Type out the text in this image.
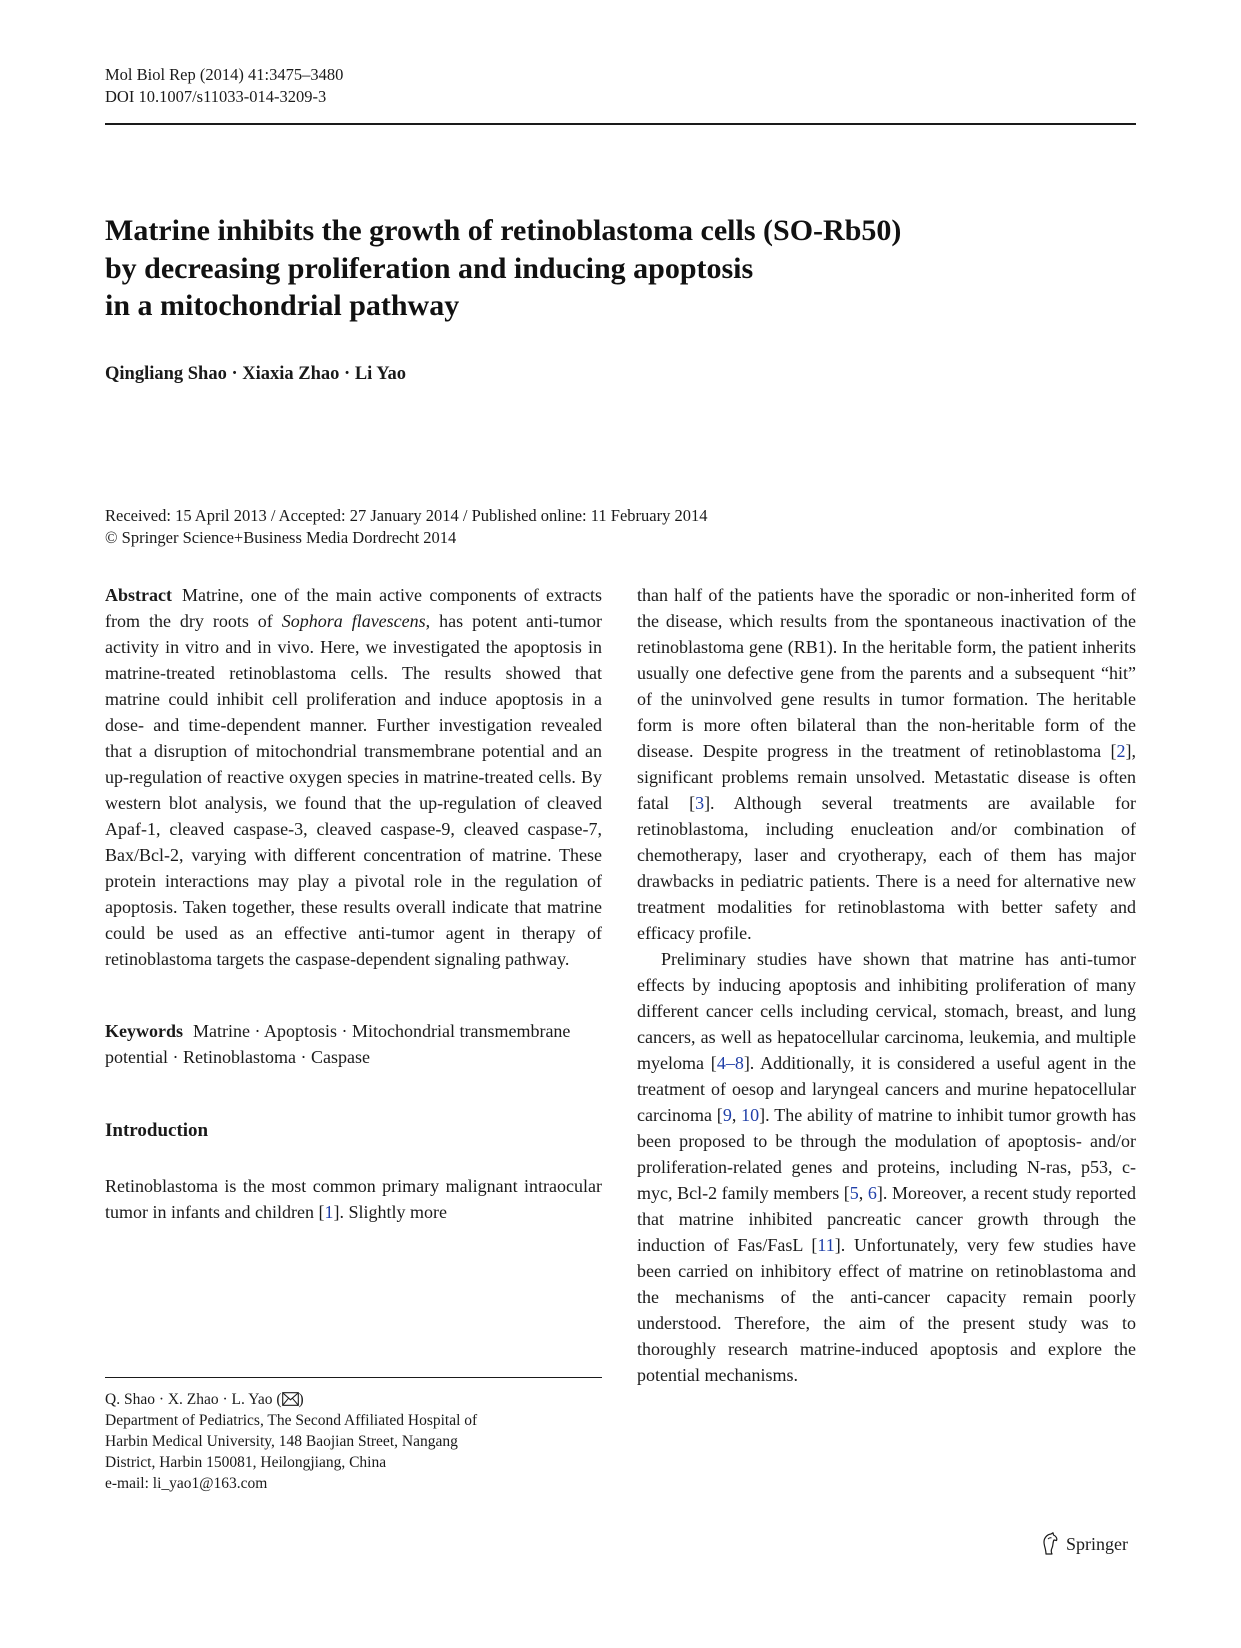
Mol Biol Rep (2014) 41:3475–3480
DOI 10.1007/s11033-014-3209-3
Matrine inhibits the growth of retinoblastoma cells (SO-Rb50)
by decreasing proliferation and inducing apoptosis
in a mitochondrial pathway
Qingliang Shao · Xiaxia Zhao · Li Yao
Received: 15 April 2013 / Accepted: 27 January 2014 / Published online: 11 February 2014
© Springer Science+Business Media Dordrecht 2014

Abstract Matrine, one of the main active components of extracts from the dry roots of Sophora flavescens, has potent anti-tumor activity in vitro and in vivo. Here, we investigated the apoptosis in matrine-treated retinoblastoma cells. The results showed that matrine could inhibit cell proliferation and induce apoptosis in a dose- and time-dependent manner. Further investigation revealed that a disruption of mitochondrial transmembrane potential and an up-regulation of reactive oxygen species in matrine-treated cells. By western blot analysis, we found that the up-regulation of cleaved Apaf-1, cleaved caspase-3, cleaved caspase-9, cleaved caspase-7, Bax/Bcl-2, varying with different concentration of matrine. These protein interactions may play a pivotal role in the regulation of apoptosis. Taken together, these results overall indicate that matrine could be used as an effective anti-tumor agent in therapy of retinoblastoma targets the caspase-dependent signaling pathway.

Keywords Matrine · Apoptosis · Mitochondrial transmembrane potential · Retinoblastoma · Caspase

Introduction

Retinoblastoma is the most common primary malignant intraocular tumor in infants and children [1]. Slightly more

than half of the patients have the sporadic or non-inherited form of the disease, which results from the spontaneous inactivation of the retinoblastoma gene (RB1). In the heritable form, the patient inherits usually one defective gene from the parents and a subsequent “hit” of the uninvolved gene results in tumor formation. The heritable form is more often bilateral than the non-heritable form of the disease. Despite progress in the treatment of retinoblastoma [2], significant problems remain unsolved. Metastatic disease is often fatal [3]. Although several treatments are available for retinoblastoma, including enucleation and/or combination of chemotherapy, laser and cryotherapy, each of them has major drawbacks in pediatric patients. There is a need for alternative new treatment modalities for retinoblastoma with better safety and efficacy profile.

Preliminary studies have shown that matrine has anti-tumor effects by inducing apoptosis and inhibiting proliferation of many different cancer cells including cervical, stomach, breast, and lung cancers, as well as hepatocellular carcinoma, leukemia, and multiple myeloma [4–8]. Additionally, it is considered a useful agent in the treatment of oesop and laryngeal cancers and murine hepatocellular carcinoma [9, 10]. The ability of matrine to inhibit tumor growth has been proposed to be through the modulation of apoptosis- and/or proliferation-related genes and proteins, including N-ras, p53, c-myc, Bcl-2 family members [5, 6]. Moreover, a recent study reported that matrine inhibited pancreatic cancer growth through the induction of Fas/FasL [11]. Unfortunately, very few studies have been carried on inhibitory effect of matrine on retinoblastoma and the mechanisms of the anti-cancer capacity remain poorly understood. Therefore, the aim of the present study was to thoroughly research matrine-induced apoptosis and explore the potential mechanisms.

Q. Shao · X. Zhao · L. Yao ( )
Department of Pediatrics, The Second Affiliated Hospital of
Harbin Medical University, 148 Baojian Street, Nangang
District, Harbin 150081, Heilongjiang, China
e-mail: li_yao1@163.com
Springer
